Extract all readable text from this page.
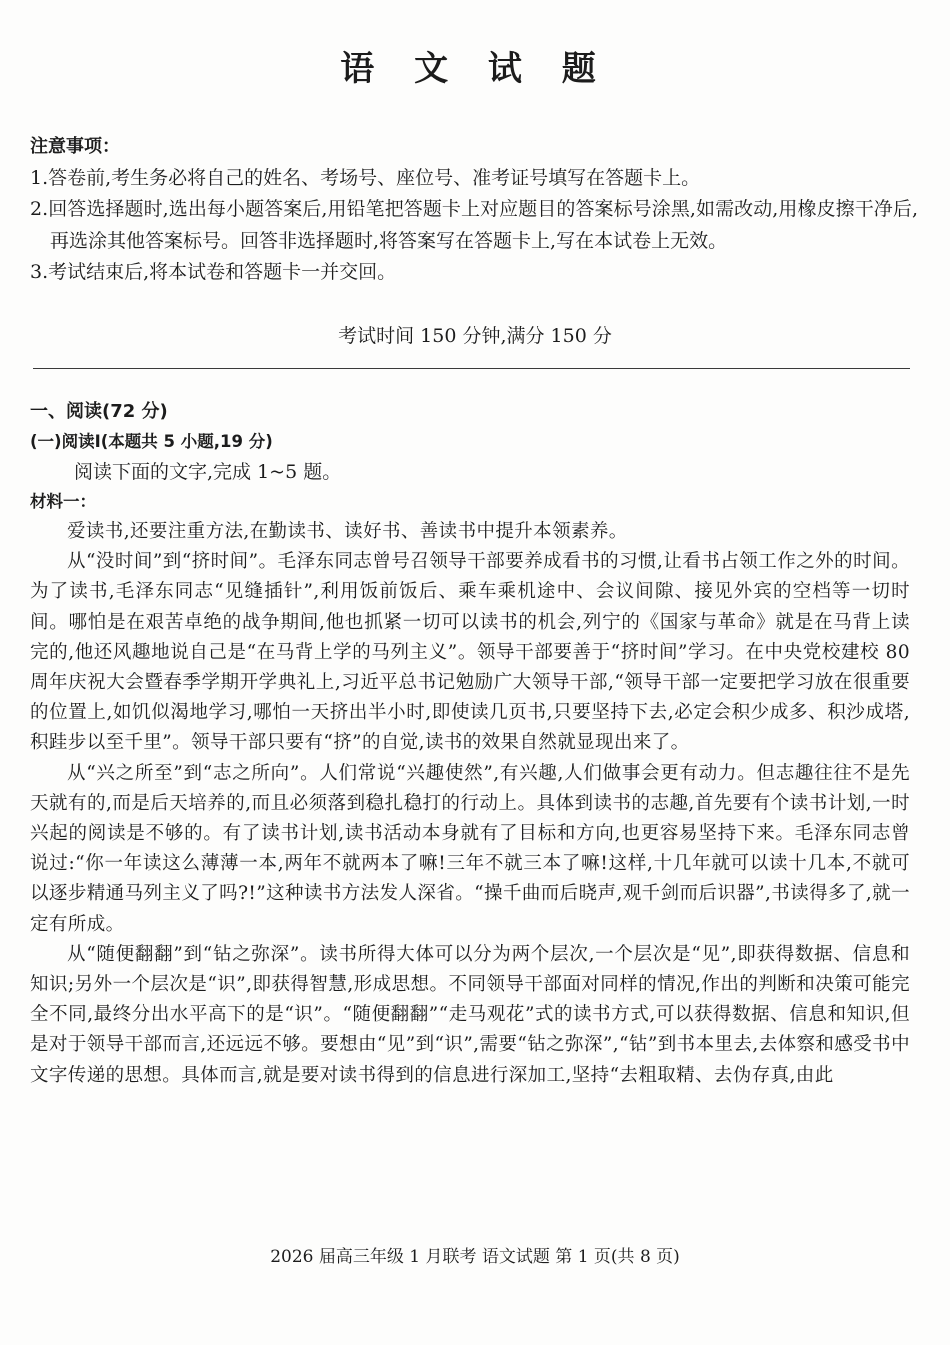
语 文 试 题
注意事项：
1.答卷前,考生务必将自己的姓名、考场号、座位号、准考证号填写在答题卡上。
2.回答选择题时,选出每小题答案后,用铅笔把答题卡上对应题目的答案标号涂黑,如需改动,用橡皮擦干净后,再选涂其他答案标号。回答非选择题时,将答案写在答题卡上,写在本试卷上无效。
3.考试结束后,将本试卷和答题卡一并交回。
考试时间 150 分钟,满分 150 分
一、阅读(72 分)
(一)阅读Ⅰ(本题共 5 小题,19 分)
阅读下面的文字,完成 1~5 题。
材料一：
爱读书,还要注重方法,在勤读书、读好书、善读书中提升本领素养。
从“没时间”到“挤时间”。毛泽东同志曾号召领导干部要养成看书的习惯,让看书占领工作之外的时间。为了读书,毛泽东同志“见缝插针”,利用饭前饭后、乘车乘机途中、会议间隙、接见外宾的空档等一切时间。哪怕是在艰苦卓绝的战争期间,他也抓紧一切可以读书的机会,列宁的《国家与革命》就是在马背上读完的,他还风趣地说自己是“在马背上学的马列主义”。领导干部要善于“挤时间”学习。在中央党校建校 80 周年庆祝大会暨春季学期开学典礼上,习近平总书记勉励广大领导干部,“领导干部一定要把学习放在很重要的位置上,如饥似渴地学习,哪怕一天挤出半小时,即使读几页书,只要坚持下去,必定会积少成多、积沙成塔,积跬步以至千里”。领导干部只要有“挤”的自觉,读书的效果自然就显现出来了。
从“兴之所至”到“志之所向”。人们常说“兴趣使然”,有兴趣,人们做事会更有动力。但志趣往往不是先天就有的,而是后天培养的,而且必须落到稳扎稳打的行动上。具体到读书的志趣,首先要有个读书计划,一时兴起的阅读是不够的。有了读书计划,读书活动本身就有了目标和方向,也更容易坚持下来。毛泽东同志曾说过:“你一年读这么薄薄一本,两年不就两本了嘛!三年不就三本了嘛!这样,十几年就可以读十几本,不就可以逐步精通马列主义了吗?!”这种读书方法发人深省。“操千曲而后晓声,观千剑而后识器”,书读得多了,就一定有所成。
从“随便翻翻”到“钻之弥深”。读书所得大体可以分为两个层次,一个层次是“见”,即获得数据、信息和知识;另外一个层次是“识”,即获得智慧,形成思想。不同领导干部面对同样的情况,作出的判断和决策可能完全不同,最终分出水平高下的是“识”。“随便翻翻”“走马观花”式的读书方式,可以获得数据、信息和知识,但是对于领导干部而言,还远远不够。要想由“见”到“识”,需要“钻之弥深”,“钻”到书本里去,去体察和感受书中文字传递的思想。具体而言,就是要对读书得到的信息进行深加工,坚持“去粗取精、去伪存真,由此
2026 届高三年级 1 月联考 语文试题 第 1 页(共 8 页)
